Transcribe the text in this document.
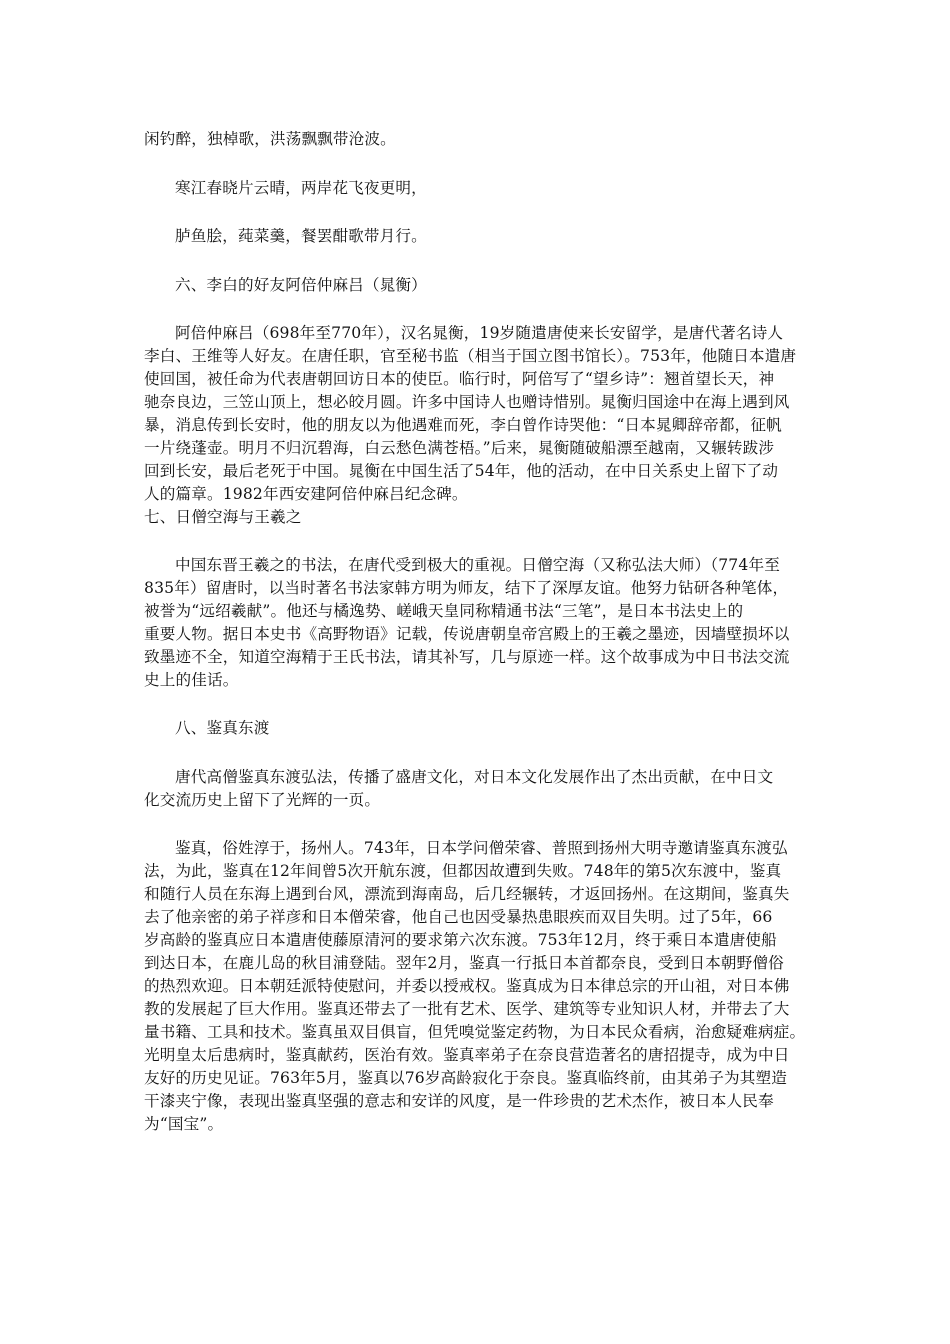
闲钓醉，独棹歌，洪荡飘飘带沧波。
寒江春晓片云晴，两岸花飞夜更明，
胪鱼脍，莼菜羹，餐罢酣歌带月行。
六、李白的好友阿倍仲麻吕（晁衡）
阿倍仲麻吕（698年至770年），汉名晁衡，19岁随遣唐使来长安留学，是唐代著名诗人
李白、王维等人好友。在唐任职，官至秘书监（相当于国立图书馆长）。753年，他随日本遣唐
使回国，被任命为代表唐朝回访日本的使臣。临行时，阿倍写了“望乡诗”：翘首望长天，神
驰奈良边，三笠山顶上，想必皎月圆。许多中国诗人也赠诗惜别。晁衡归国途中在海上遇到风
暴，消息传到长安时，他的朋友以为他遇难而死，李白曾作诗哭他：“日本晁卿辞帝都，征帆
一片绕蓬壶。明月不归沉碧海，白云愁色满苍梧。”后来，晁衡随破船漂至越南，又辗转跋涉
回到长安，最后老死于中国。晁衡在中国生活了54年，他的活动，在中日关系史上留下了动
人的篇章。1982年西安建阿倍仲麻吕纪念碑。
七、日僧空海与王羲之
中国东晋王羲之的书法，在唐代受到极大的重视。日僧空海（又称弘法大师）（774年至
835年）留唐时，以当时著名书法家韩方明为师友，结下了深厚友谊。他努力钻研各种笔体，
被誉为“远绍羲献”。他还与橘逸势、嵯峨天皇同称精通书法“三笔”，是日本书法史上的
重要人物。据日本史书《高野物语》记载，传说唐朝皇帝宫殿上的王羲之墨迹，因墙壁损坏以
致墨迹不全，知道空海精于王氏书法，请其补写，几与原迹一样。这个故事成为中日书法交流
史上的佳话。
八、鉴真东渡
唐代高僧鉴真东渡弘法，传播了盛唐文化，对日本文化发展作出了杰出贡献，在中日文
化交流历史上留下了光辉的一页。
鉴真，俗姓淳于，扬州人。743年，日本学问僧荣睿、普照到扬州大明寺邀请鉴真东渡弘
法，为此，鉴真在12年间曾5次开航东渡，但都因故遭到失败。748年的第5次东渡中，鉴真
和随行人员在东海上遇到台风，漂流到海南岛，后几经辗转，才返回扬州。在这期间，鉴真失
去了他亲密的弟子祥彦和日本僧荣睿，他自己也因受暴热患眼疾而双目失明。过了5年，66
岁高龄的鉴真应日本遣唐使藤原清河的要求第六次东渡。753年12月，终于乘日本遣唐使船
到达日本，在鹿儿岛的秋目浦登陆。翌年2月，鉴真一行抵日本首都奈良，受到日本朝野僧俗
的热烈欢迎。日本朝廷派特使慰问，并委以授戒权。鉴真成为日本律总宗的开山祖，对日本佛
教的发展起了巨大作用。鉴真还带去了一批有艺术、医学、建筑等专业知识人材，并带去了大
量书籍、工具和技术。鉴真虽双目俱盲，但凭嗅觉鉴定药物，为日本民众看病，治愈疑难病症。
光明皇太后患病时，鉴真献药，医治有效。鉴真率弟子在奈良营造著名的唐招提寺，成为中日
友好的历史见证。763年5月，鉴真以76岁高龄寂化于奈良。鉴真临终前，由其弟子为其塑造
干漆夹宁像，表现出鉴真坚强的意志和安详的风度，是一件珍贵的艺术杰作，被日本人民奉
为“国宝”。
